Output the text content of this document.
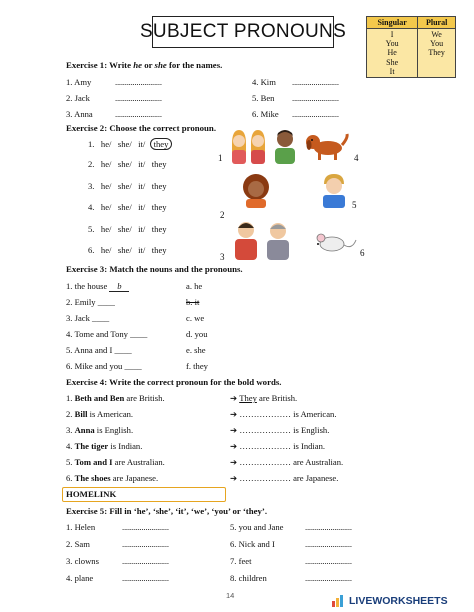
SUBJECT PRONOUNS	Singular	Plural
I	We
You	You
He	They
She	
It	
Exercise 1: Write he or she for the names.
1. Amy	........................
2. Jack	........................
3. Anna	........................
4. Kim ........................
5. Ben ........................
6. Mike ........................
Exercise 2: Choose the correct pronoun.
1. he/ she/ it/ they
2. he/ she/ it/ they
3. he/ she/ it/ they
4. he/ she/ it/ they
5. he/ she/ it/ they
6. he/ she/ it/ they
1
2
3
4
5
6
Exercise 3: Match the nouns and the pronouns.
1. the house b
2. Emily ____
3. Jack ____
4. Tome and Tony ____
5. Anna and I ____
6. Mike and you ____
a. he
b. it
c. we
d. you
e. she
f. they
Exercise 4: Write the correct pronoun for the bold words.
1. Beth and Ben are British.	➔ They are British.
2. Bill is American.	➔ ……………… is American.
3. Anna is English.	➔ ……………… is English.
4. The tiger is Indian.	➔ ……………… is Indian.
5. Tom and I are Australian.	➔ ……………… are Australian.
6. The shoes are Japanese.	➔ ……………… are Japanese.
HOMELINK
Exercise 5: Fill in ‘he’, ‘she’, ‘it’, ‘we’, ‘you’ or ‘they’.
1. Helen	........................
2. Sam	........................
3. clowns	........................
4. plane	........................
5. you and Jane	........................
6. Nick and I	........................
7. feet	........................
8. children	........................
14	LIVEWORKSHEETS
